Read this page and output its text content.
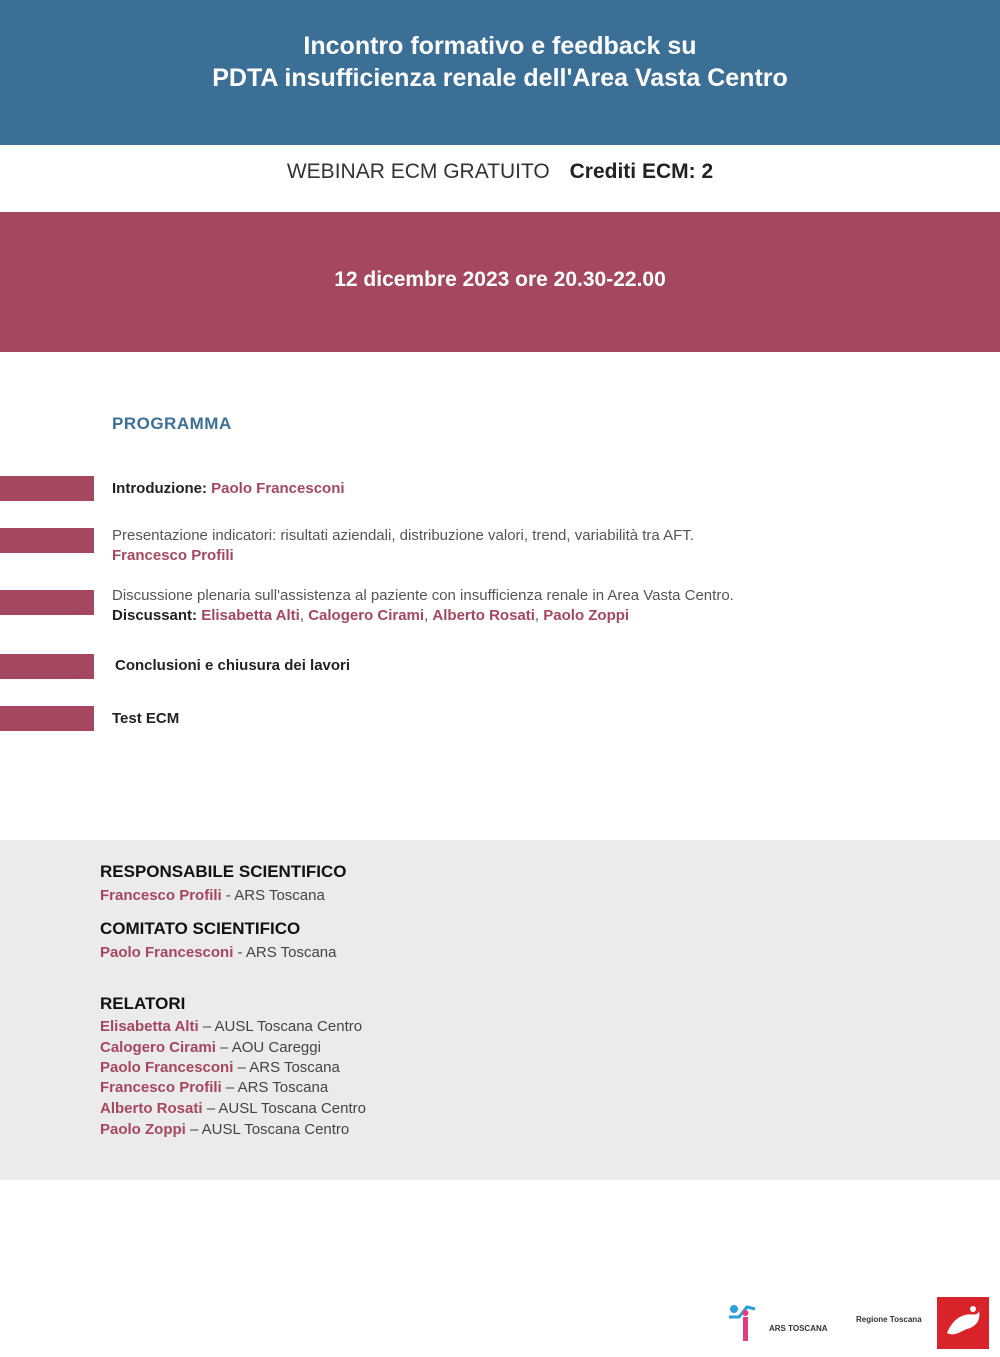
Incontro formativo e feedback su
PDTA insufficienza renale dell'Area Vasta Centro
WEBINAR ECM GRATUITO Crediti ECM: 2
12 dicembre 2023 ore 20.30-22.00
PROGRAMMA
Introduzione: Paolo Francesconi
Presentazione indicatori: risultati aziendali, distribuzione valori, trend, variabilità tra AFT.
Francesco Profili
Discussione plenaria sull'assistenza al paziente con insufficienza renale in Area Vasta Centro.
Discussant: Elisabetta Alti, Calogero Cirami, Alberto Rosati, Paolo Zoppi
Conclusioni e chiusura dei lavori
Test ECM
RESPONSABILE SCIENTIFICO
Francesco Profili - ARS Toscana
COMITATO SCIENTIFICO
Paolo Francesconi - ARS Toscana
RELATORI
Elisabetta Alti – AUSL Toscana Centro
Calogero Cirami – AOU Careggi
Paolo Francesconi – ARS Toscana
Francesco Profili – ARS Toscana
Alberto Rosati – AUSL Toscana Centro
Paolo Zoppi – AUSL Toscana Centro
ARS TOSCANA
Regione Toscana
